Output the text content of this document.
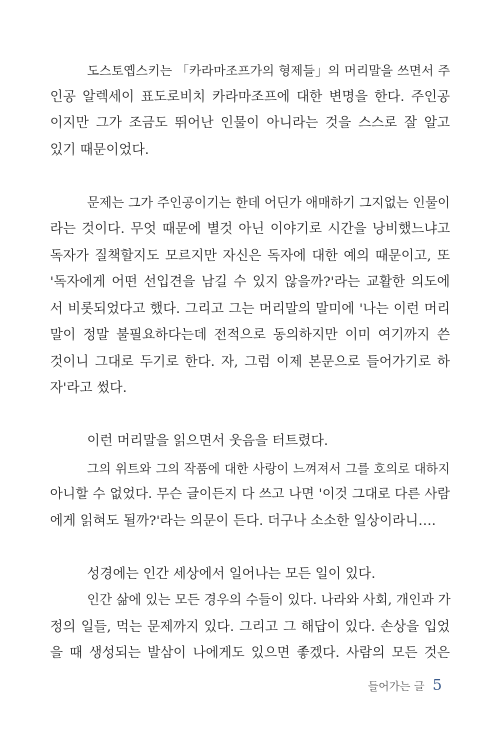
도스토옙스키는 「카라마조프가의 형제들」의 머리말을 쓰면서 주
인공 알렉세이 표도로비치 카라마조프에 대한 변명을 한다. 주인공
이지만 그가 조금도 뛰어난 인물이 아니라는 것을 스스로 잘 알고
있기 때문이었다.
문제는 그가 주인공이기는 한데 어딘가 애매하기 그지없는 인물이
라는 것이다. 무엇 때문에 별것 아닌 이야기로 시간을 낭비했느냐고
독자가 질책할지도 모르지만 자신은 독자에 대한 예의 때문이고, 또
'독자에게 어떤 선입견을 남길 수 있지 않을까?'라는 교활한 의도에
서 비롯되었다고 했다. 그리고 그는 머리말의 말미에 '나는 이런 머리
말이 정말 불필요하다는데 전적으로 동의하지만 이미 여기까지 쓴
것이니 그대로 두기로 한다. 자, 그럼 이제 본문으로 들어가기로 하
자'라고 썼다.
이런 머리말을 읽으면서 웃음을 터트렸다.
그의 위트와 그의 작품에 대한 사랑이 느껴져서 그를 호의로 대하지
아니할 수 없었다. 무슨 글이든지 다 쓰고 나면 '이것 그대로 다른 사람
에게 읽혀도 될까?'라는 의문이 든다. 더구나 소소한 일상이라니….
성경에는 인간 세상에서 일어나는 모든 일이 있다.
인간 삶에 있는 모든 경우의 수들이 있다. 나라와 사회, 개인과 가
정의 일들, 먹는 문제까지 있다. 그리고 그 해답이 있다. 손상을 입었
을 때 생성되는 발삼이 나에게도 있으면 좋겠다. 사람의 모든 것은
들어가는 글 5
